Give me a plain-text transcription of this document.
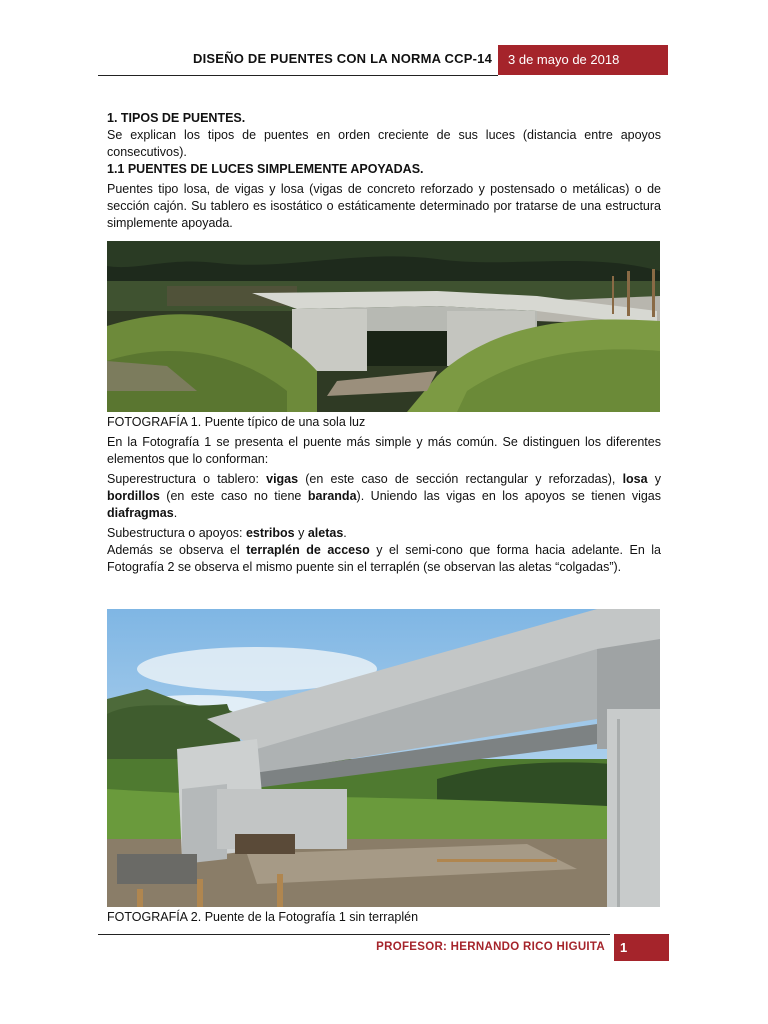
DISEÑO DE PUENTES CON LA NORMA CCP-14	3 de mayo de 2018
1. TIPOS DE PUENTES.
Se explican los tipos de puentes en orden creciente de sus luces (distancia entre apoyos consecutivos).
1.1 PUENTES DE LUCES SIMPLEMENTE APOYADAS.
Puentes tipo losa, de vigas y losa (vigas de concreto reforzado y postensado o metálicas) o de sección cajón. Su tablero es isostático o estáticamente determinado por tratarse de una estructura simplemente apoyada.
FOTOGRAFÍA 1. Puente típico de una sola luz
En la Fotografía 1 se presenta el puente más simple y más común. Se distinguen los diferentes elementos que lo conforman:
Superestructura o tablero: vigas (en este caso de sección rectangular y reforzadas), losa y bordillos (en este caso no tiene baranda). Uniendo las vigas en los apoyos se tienen vigas diafragmas.
Subestructura o apoyos: estribos y aletas.
Además se observa el terraplén de acceso y el semi-cono que forma hacia adelante. En la Fotografía 2 se observa el mismo puente sin el terraplén (se observan las aletas “colgadas”).
FOTOGRAFÍA 2. Puente de la Fotografía 1 sin terraplén
PROFESOR: HERNANDO RICO HIGUITA	1
